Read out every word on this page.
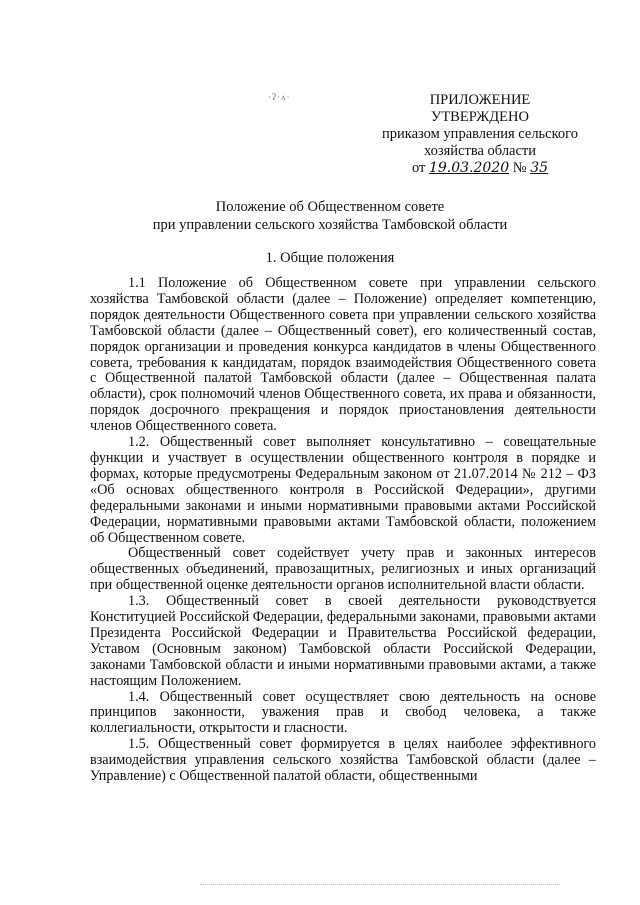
·ʔ·ʌ·	ПРИЛОЖЕНИЕ
УТВЕРЖДЕНО
приказом управления сельского
хозяйства области
от 19.03.2020 № 35
Положение об Общественном совете
при управлении сельского хозяйства Тамбовской области
1. Общие положения

1.1 Положение об Общественном совете при управлении сельского хозяйства Тамбовской области (далее – Положение) определяет компетенцию, порядок деятельности Общественного совета при управлении сельского хозяйства Тамбовской области (далее – Общественный совет), его количественный состав, порядок организации и проведения конкурса кандидатов в члены Общественного совета, требования к кандидатам, порядок взаимодействия Общественного совета с Общественной палатой Тамбовской области (далее – Общественная палата области), срок полномочий членов Общественного совета, их права и обязанности, порядок досрочного прекращения и порядок приостановления деятельности членов Общественного совета.

1.2. Общественный совет выполняет консультативно – совещательные функции и участвует в осуществлении общественного контроля в порядке и формах, которые предусмотрены Федеральным законом от 21.07.2014 № 212 – ФЗ «Об основах общественного контроля в Российской Федерации», другими федеральными законами и иными нормативными правовыми актами Российской Федерации, нормативными правовыми актами Тамбовской области, положением об Общественном совете.

Общественный совет содействует учету прав и законных интересов общественных объединений, правозащитных, религиозных и иных организаций при общественной оценке деятельности органов исполнительной власти области.

1.3. Общественный совет в своей деятельности руководствуется Конституцией Российской Федерации, федеральными законами, правовыми актами Президента Российской Федерации и Правительства Российской федерации, Уставом (Основным законом) Тамбовской области Российской Федерации, законами Тамбовской области и иными нормативными правовыми актами, а также настоящим Положением.

1.4. Общественный совет осуществляет свою деятельность на основе принципов законности, уважения прав и свобод человека, а также коллегиальности, открытости и гласности.

1.5. Общественный совет формируется в целях наиболее эффективного взаимодействия управления сельского хозяйства Тамбовской области (далее – Управление) с Общественной палатой области, общественными
